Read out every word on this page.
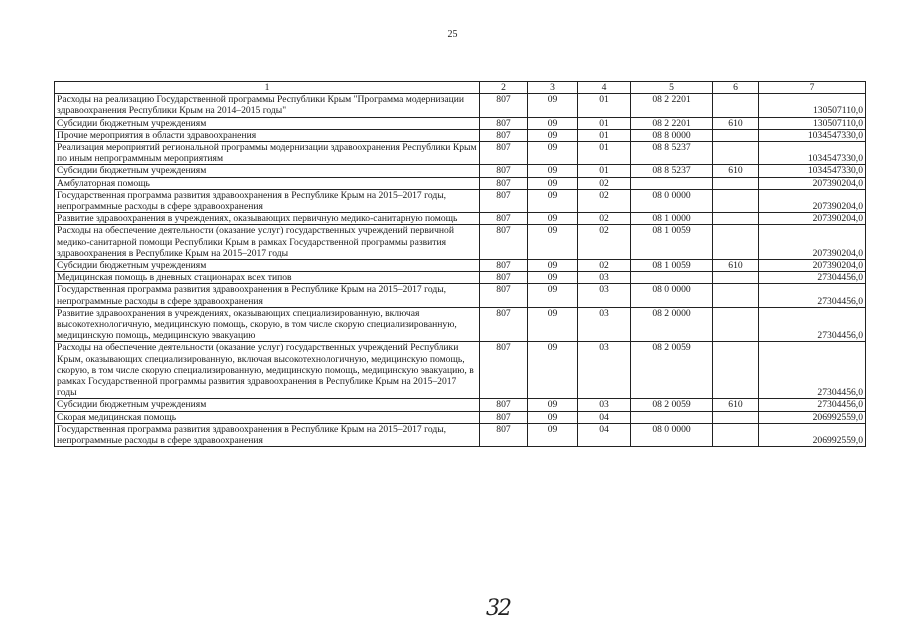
25
1	2	3	4	5	6	7
Расходы на реализацию Государственной программы Республики Крым "Программа модернизации здравоохранения Республики Крым на 2014–2015 годы"	807	09	01	08 2 2201		130507110,0
Субсидии бюджетным учреждениям	807	09	01	08 2 2201	610	130507110,0
Прочие мероприятия в области здравоохранения	807	09	01	08 8 0000		1034547330,0
Реализация мероприятий региональной программы модернизации здравоохранения Республики Крым по иным непрограммным мероприятиям	807	09	01	08 8 5237		1034547330,0
Субсидии бюджетным учреждениям	807	09	01	08 8 5237	610	1034547330,0
Амбулаторная помощь	807	09	02			207390204,0
Государственная программа развития здравоохранения в Республике Крым на 2015–2017 годы, непрограммные расходы в сфере здравоохранения	807	09	02	08 0 0000		207390204,0
Развитие здравоохранения в учреждениях, оказывающих первичную медико-санитарную помощь	807	09	02	08 1 0000		207390204,0
Расходы на обеспечение деятельности (оказание услуг) государственных учреждений первичной медико-санитарной помощи Республики Крым в рамках Государственной программы развития здравоохранения в Республике Крым на 2015–2017 годы	807	09	02	08 1 0059		207390204,0
Субсидии бюджетным учреждениям	807	09	02	08 1 0059	610	207390204,0
Медицинская помощь в дневных стационарах всех типов	807	09	03			27304456,0
Государственная программа развития здравоохранения в Республике Крым на 2015–2017 годы, непрограммные расходы в сфере здравоохранения	807	09	03	08 0 0000		27304456,0
Развитие здравоохранения в учреждениях, оказывающих специализированную, включая высокотехнологичную, медицинскую помощь, скорую, в том числе скорую специализированную, медицинскую помощь, медицинскую эвакуацию	807	09	03	08 2 0000		27304456,0
Расходы на обеспечение деятельности (оказание услуг) государственных учреждений Республики Крым, оказывающих специализированную, включая высокотехнологичную, медицинскую помощь, скорую, в том числе скорую специализированную, медицинскую помощь, медицинскую эвакуацию, в рамках Государственной программы развития здравоохранения в Республике Крым на 2015–2017 годы	807	09	03	08 2 0059		27304456,0
Субсидии бюджетным учреждениям	807	09	03	08 2 0059	610	27304456,0
Скорая медицинская помощь	807	09	04			206992559,0
Государственная программа развития здравоохранения в Республике Крым на 2015–2017 годы, непрограммные расходы в сфере здравоохранения	807	09	04	08 0 0000		206992559,0
32
